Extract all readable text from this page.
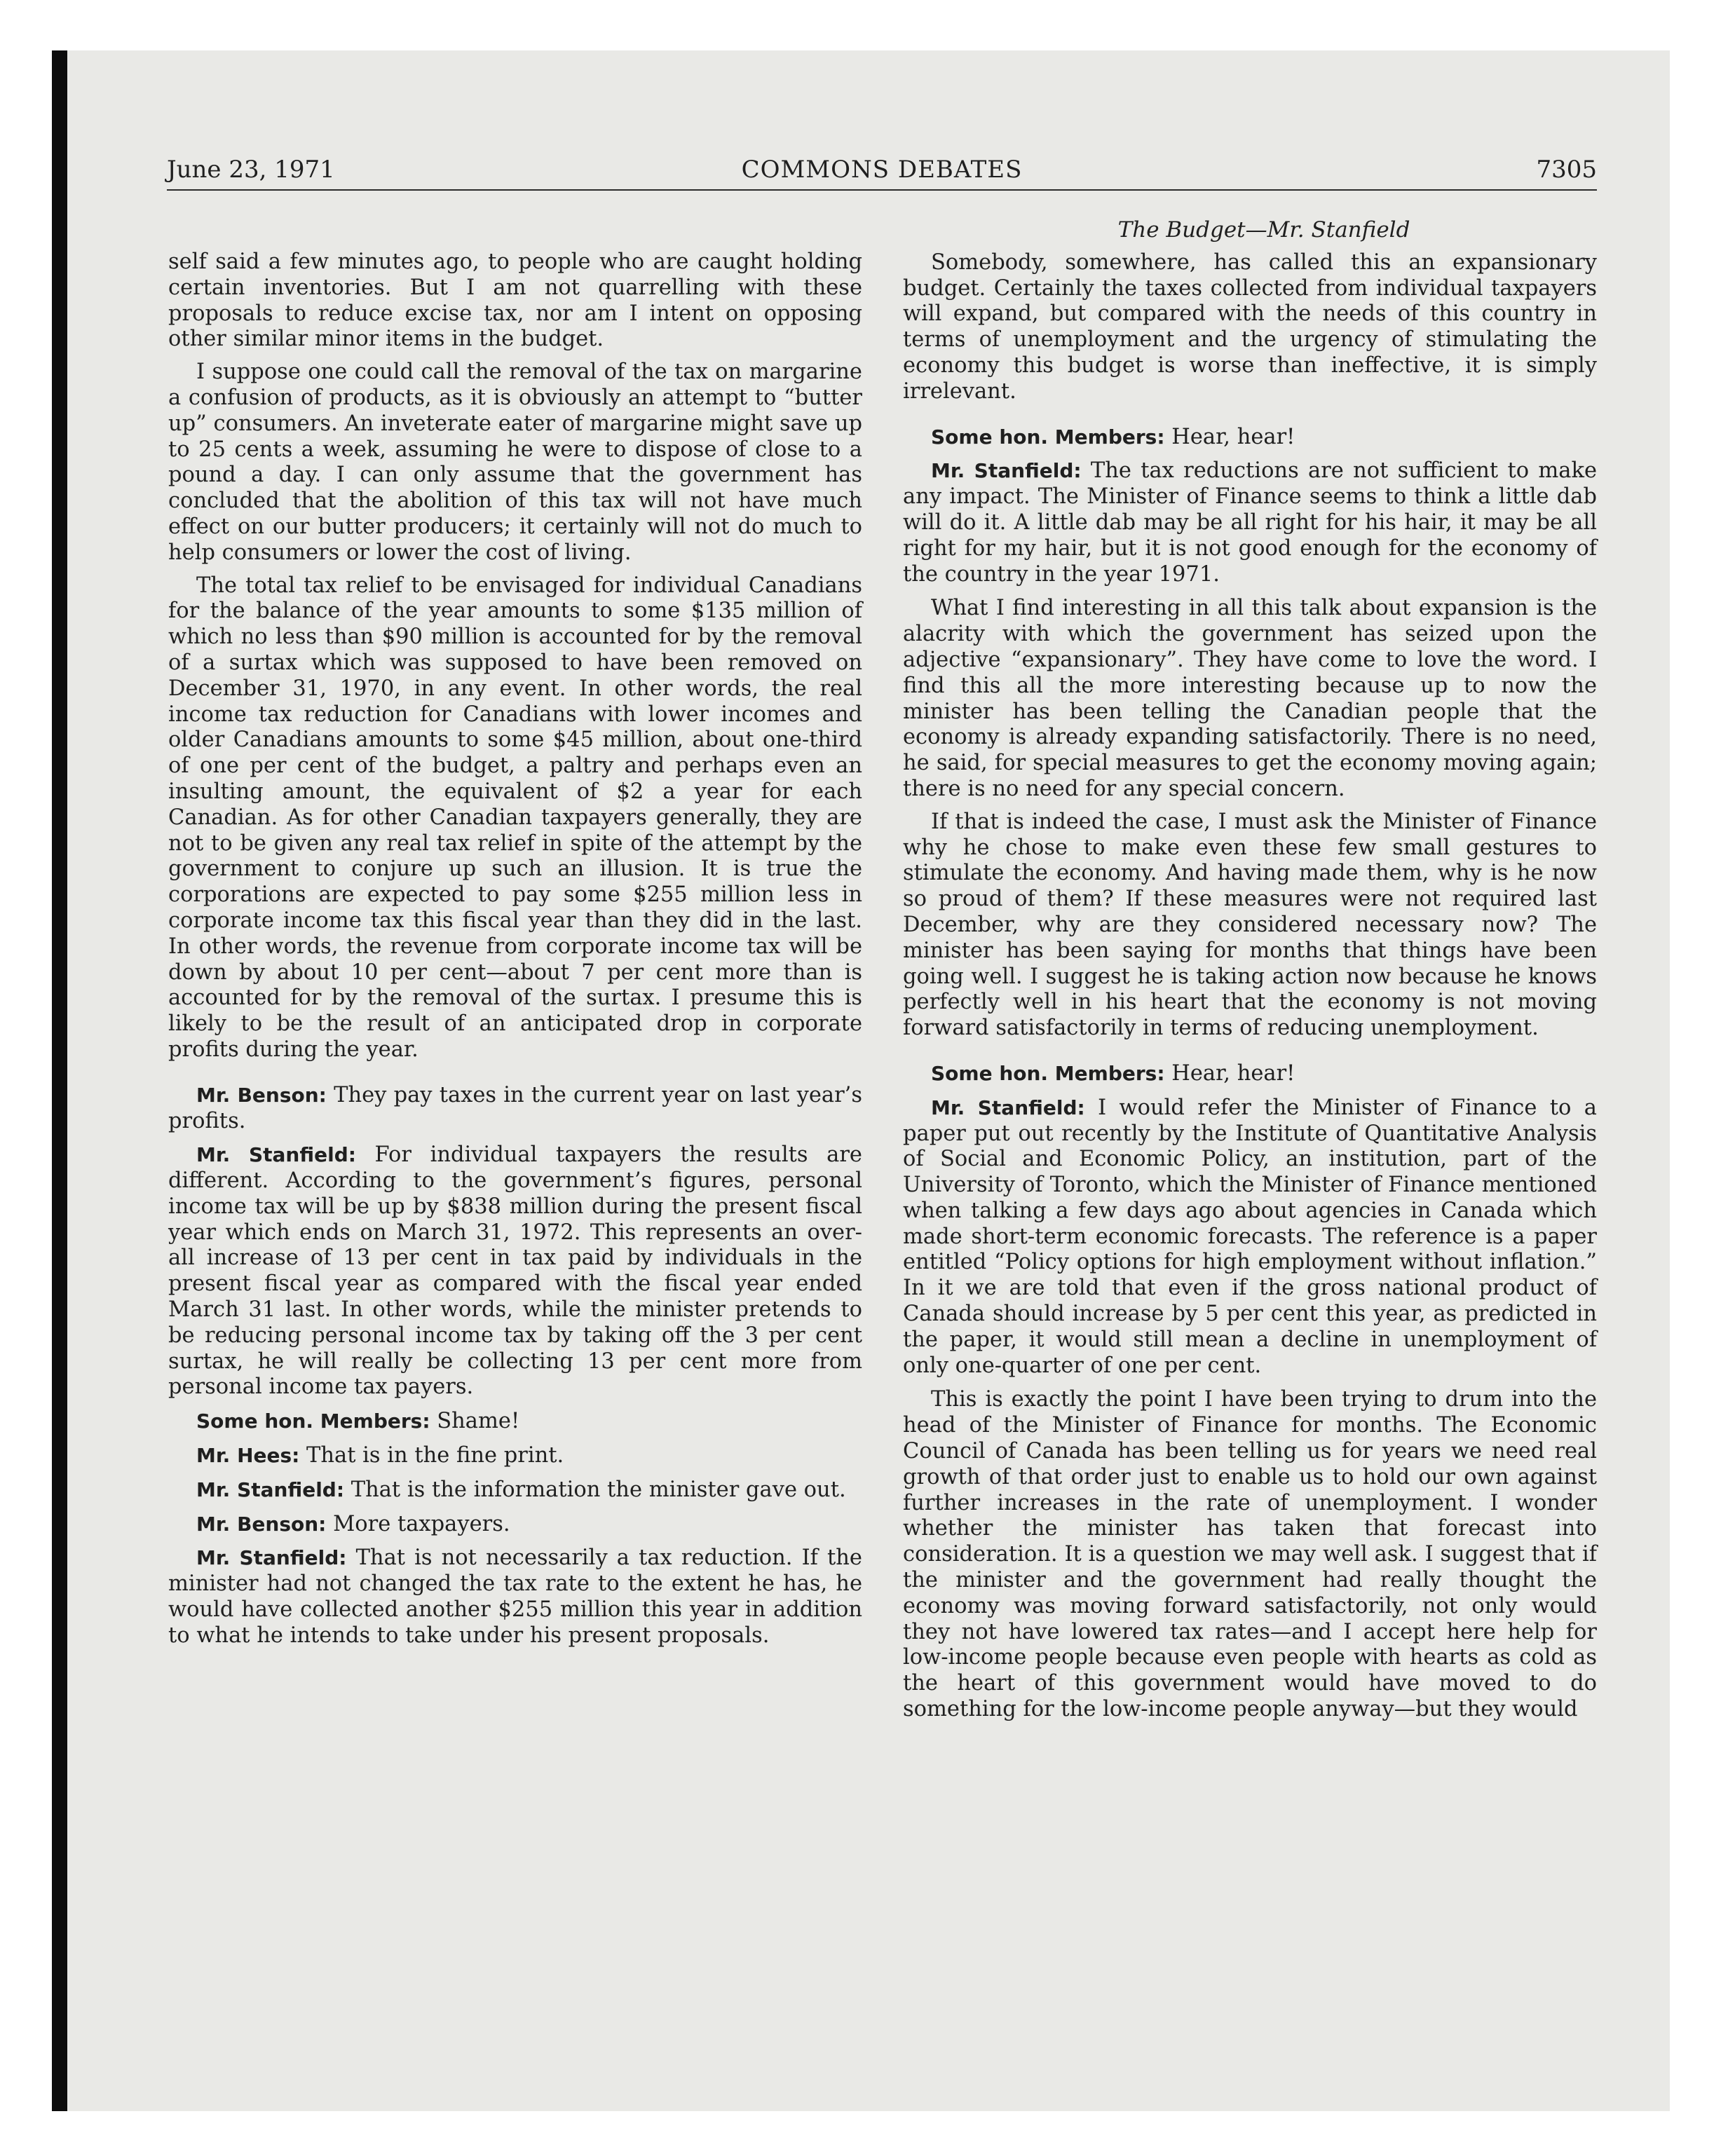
June 23, 1971	COMMONS DEBATES	7305

self said a few minutes ago, to people who are caught holding certain inventories. But I am not quarrelling with these proposals to reduce excise tax, nor am I intent on opposing other similar minor items in the budget.

I suppose one could call the removal of the tax on margarine a confusion of products, as it is obviously an attempt to “butter up” consumers. An inveterate eater of margarine might save up to 25 cents a week, assuming he were to dispose of close to a pound a day. I can only assume that the government has concluded that the abolition of this tax will not have much effect on our butter producers; it certainly will not do much to help consumers or lower the cost of living.

The total tax relief to be envisaged for individual Canadians for the balance of the year amounts to some $135 million of which no less than $90 million is accounted for by the removal of a surtax which was supposed to have been removed on December 31, 1970, in any event. In other words, the real income tax reduction for Canadians with lower incomes and older Canadians amounts to some $45 million, about one-third of one per cent of the budget, a paltry and perhaps even an insulting amount, the equivalent of $2 a year for each Canadian. As for other Canadian taxpayers generally, they are not to be given any real tax relief in spite of the attempt by the government to conjure up such an illusion. It is true the corporations are expected to pay some $255 million less in corporate income tax this fiscal year than they did in the last. In other words, the revenue from corporate income tax will be down by about 10 per cent—about 7 per cent more than is accounted for by the removal of the surtax. I presume this is likely to be the result of an anticipated drop in corporate profits during the year.

Mr. Benson: They pay taxes in the current year on last year’s profits.

Mr. Stanfield: For individual taxpayers the results are different. According to the government’s figures, personal income tax will be up by $838 million during the present fiscal year which ends on March 31, 1972. This represents an over-all increase of 13 per cent in tax paid by individuals in the present fiscal year as compared with the fiscal year ended March 31 last. In other words, while the minister pretends to be reducing personal income tax by taking off the 3 per cent surtax, he will really be collecting 13 per cent more from personal income tax payers.

Some hon. Members: Shame!

Mr. Hees: That is in the fine print.

Mr. Stanfield: That is the information the minister gave out.

Mr. Benson: More taxpayers.

Mr. Stanfield: That is not necessarily a tax reduction. If the minister had not changed the tax rate to the extent he has, he would have collected another $255 million this year in addition to what he intends to take under his present proposals.

The Budget—Mr. Stanfield

Somebody, somewhere, has called this an expansionary budget. Certainly the taxes collected from individual taxpayers will expand, but compared with the needs of this country in terms of unemployment and the urgency of stimulating the economy this budget is worse than ineffective, it is simply irrelevant.

Some hon. Members: Hear, hear!

Mr. Stanfield: The tax reductions are not sufficient to make any impact. The Minister of Finance seems to think a little dab will do it. A little dab may be all right for his hair, it may be all right for my hair, but it is not good enough for the economy of the country in the year 1971.

What I find interesting in all this talk about expansion is the alacrity with which the government has seized upon the adjective “expansionary”. They have come to love the word. I find this all the more interesting because up to now the minister has been telling the Canadian people that the economy is already expanding satisfactorily. There is no need, he said, for special measures to get the economy moving again; there is no need for any special concern.

If that is indeed the case, I must ask the Minister of Finance why he chose to make even these few small gestures to stimulate the economy. And having made them, why is he now so proud of them? If these measures were not required last December, why are they considered necessary now? The minister has been saying for months that things have been going well. I suggest he is taking action now because he knows perfectly well in his heart that the economy is not moving forward satisfactorily in terms of reducing unemployment.

Some hon. Members: Hear, hear!

Mr. Stanfield: I would refer the Minister of Finance to a paper put out recently by the Institute of Quantitative Analysis of Social and Economic Policy, an institution, part of the University of Toronto, which the Minister of Finance mentioned when talking a few days ago about agencies in Canada which made short-term economic forecasts. The reference is a paper entitled “Policy options for high employment without inflation.” In it we are told that even if the gross national product of Canada should increase by 5 per cent this year, as predicted in the paper, it would still mean a decline in unemployment of only one-quarter of one per cent.

This is exactly the point I have been trying to drum into the head of the Minister of Finance for months. The Economic Council of Canada has been telling us for years we need real growth of that order just to enable us to hold our own against further increases in the rate of unemployment. I wonder whether the minister has taken that forecast into consideration. It is a question we may well ask. I suggest that if the minister and the government had really thought the economy was moving forward satisfactorily, not only would they not have lowered tax rates—and I accept here help for low-income people because even people with hearts as cold as the heart of this government would have moved to do something for the low-income people anyway—but they would
